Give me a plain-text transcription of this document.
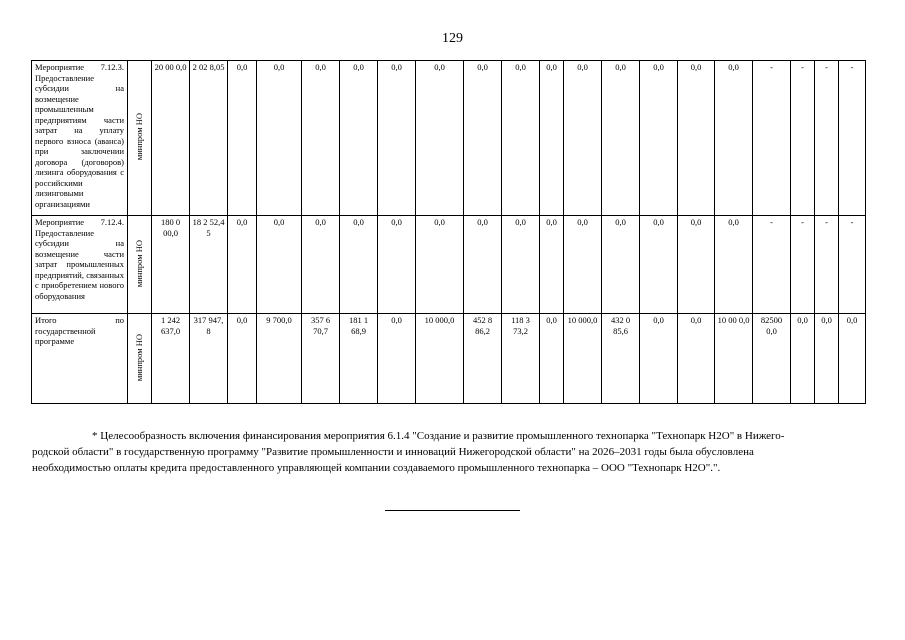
129
Мероприятие 7.12.3. Предоставление субсидии на возмещение промышленным предприятиям части затрат на уплату первого взноса (аванса) при заключении договора (договоров) лизинга оборудования с российскими лизинговыми организациями	минпром НО	20 00 0,0	2 02 8,05	0,0	0,0	0,0	0,0	0,0	0,0	0,0	0,0	0,0	0,0	0,0	0,0	0,0	0,0	-	-	-	-
Мероприятие 7.12.4. Предоставление субсидии на возмещение части затрат промышленных предприятий, связанных с приобретением нового оборудования	минпром НО	180 0 00,0	18 2 52,4 5	0,0	0,0	0,0	0,0	0,0	0,0	0,0	0,0	0,0	0,0	0,0	0,0	0,0	0,0	-	-	-	-
Итого по государственной программе	минпром НО	1 242 637,0	317 947, 8	0,0	9 700,0	357 6 70,7	181 1 68,9	0,0	10 000,0	452 8 86,2	118 3 73,2	0,0	10 000,0	432 0 85,6	0,0	0,0	10 00 0,0	82500 0,0	0,0	0,0	0,0

* Целесообразность включения финансирования мероприятия 6.1.4 "Создание и развитие промышленного технопарка "Технопарк Н2О" в Нижего-

родской области" в государственную программу "Развитие промышленности и инноваций Нижегородской области" на 2026–2031 годы была обусловлена

необходимостью оплаты кредита предоставленного управляющей компании создаваемого промышленного технопарка – ООО "Технопарк Н2О".".
